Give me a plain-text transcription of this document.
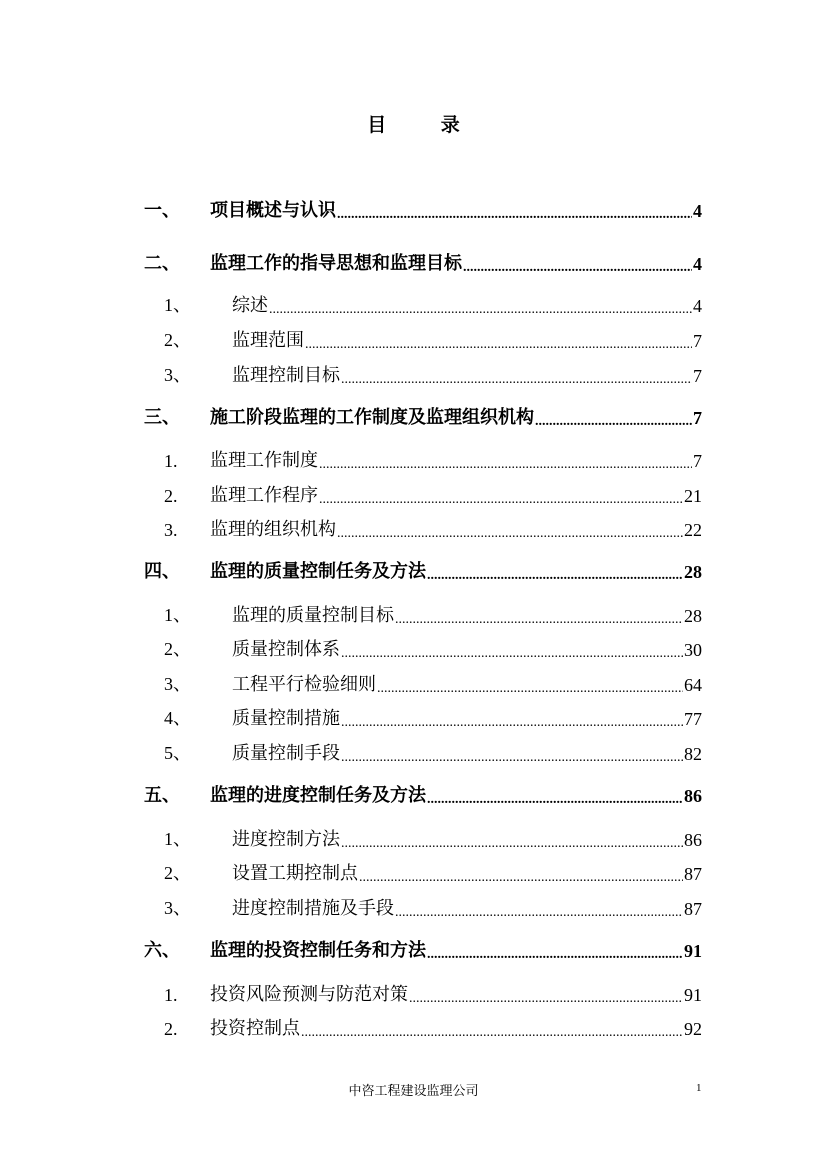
目 录
一、	项目概述与认识 .....	4
二、	监理工作的指导思想和监理目标 .....	4
1、	综述 .....	4
2、	监理范围 .....	7
3、	监理控制目标 .....	7
三、	施工阶段监理的工作制度及监理组织机构 .....	7
1.	监理工作制度 .....	7
2.	监理工作程序 .....	21
3.	监理的组织机构 .....	22
四、	监理的质量控制任务及方法 .....	28
1、	监理的质量控制目标 .....	28
2、	质量控制体系 .....	30
3、	工程平行检验细则 .....	64
4、	质量控制措施 .....	77
5、	质量控制手段 .....	82
五、	监理的进度控制任务及方法 .....	86
1、	进度控制方法 .....	86
2、	设置工期控制点 .....	87
3、	进度控制措施及手段 .....	87
六、	监理的投资控制任务和方法 .....	91
1.	投资风险预测与防范对策 .....	91
2.	投资控制点 .....	92
中咨工程建设监理公司	1
